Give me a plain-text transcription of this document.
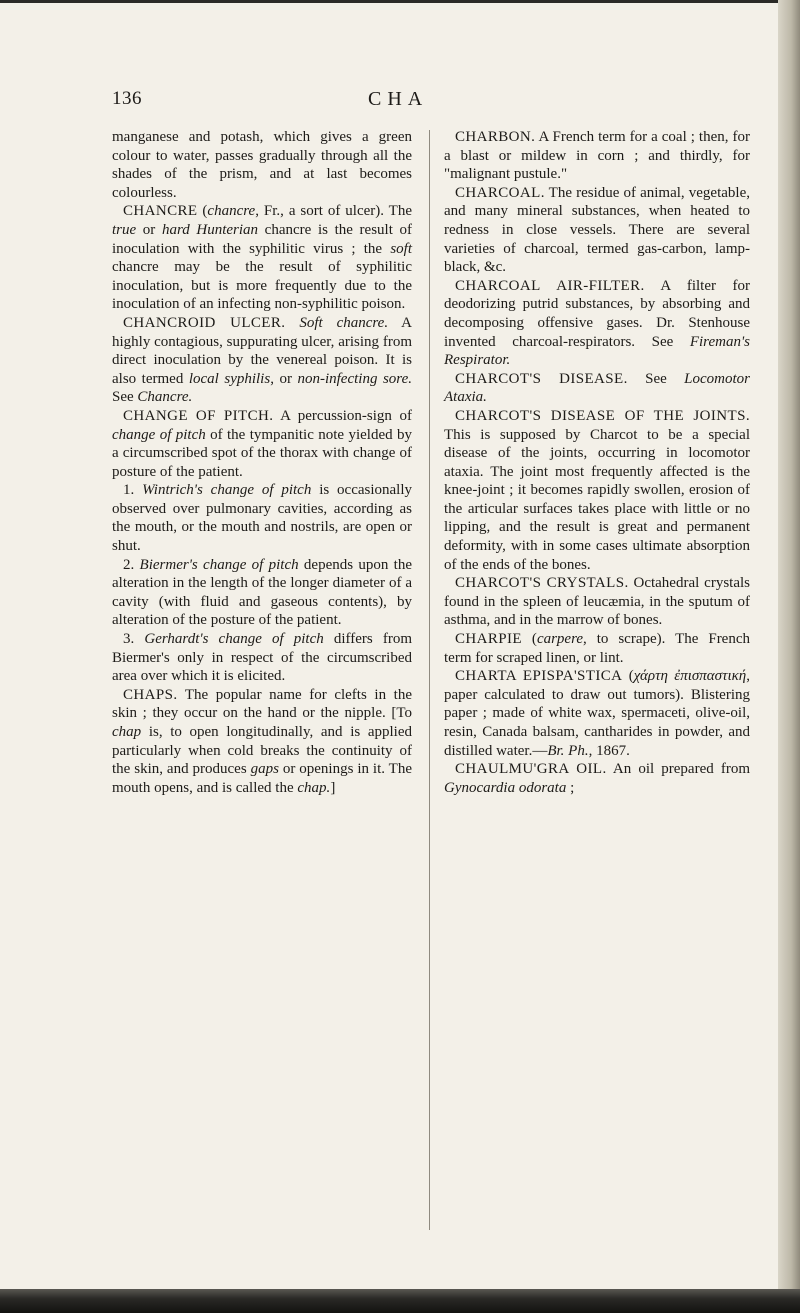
136	CHA

manganese and potash, which gives a green colour to water, passes gradually through all the shades of the prism, and at last becomes colourless.

CHANCRE (chancre, Fr., a sort of ulcer). The true or hard Hunterian chancre is the result of inoculation with the syphilitic virus ; the soft chancre may be the result of syphilitic inoculation, but is more frequently due to the inoculation of an infecting non-syphilitic poison.

CHANCROID ULCER. Soft chancre. A highly contagious, suppurating ulcer, arising from direct inoculation by the venereal poison. It is also termed local syphilis, or non-infecting sore. See Chancre.

CHANGE OF PITCH. A percussion-sign of change of pitch of the tympanitic note yielded by a circumscribed spot of the thorax with change of posture of the patient.

1. Wintrich's change of pitch is occasionally observed over pulmonary cavities, according as the mouth, or the mouth and nostrils, are open or shut.

2. Biermer's change of pitch depends upon the alteration in the length of the longer diameter of a cavity (with fluid and gaseous contents), by alteration of the posture of the patient.

3. Gerhardt's change of pitch differs from Biermer's only in respect of the circumscribed area over which it is elicited.

CHAPS. The popular name for clefts in the skin ; they occur on the hand or the nipple. [To chap is, to open longitudinally, and is applied particularly when cold breaks the continuity of the skin, and produces gaps or openings in it. The mouth opens, and is called the chap.]

CHARBON. A French term for a coal ; then, for a blast or mildew in corn ; and thirdly, for "malignant pustule."

CHARCOAL. The residue of animal, vegetable, and many mineral substances, when heated to redness in close vessels. There are several varieties of charcoal, termed gas-carbon, lamp-black, &c.

CHARCOAL AIR-FILTER. A filter for deodorizing putrid substances, by absorbing and decomposing offensive gases. Dr. Stenhouse invented charcoal-respirators. See Fireman's Respirator.

CHARCOT'S DISEASE. See Locomotor Ataxia.

CHARCOT'S DISEASE OF THE JOINTS. This is supposed by Charcot to be a special disease of the joints, occurring in locomotor ataxia. The joint most frequently affected is the knee-joint ; it becomes rapidly swollen, erosion of the articular surfaces takes place with little or no lipping, and the result is great and permanent deformity, with in some cases ultimate absorption of the ends of the bones.

CHARCOT'S CRYSTALS. Octahedral crystals found in the spleen of leucæmia, in the sputum of asthma, and in the marrow of bones.

CHARPIE (carpere, to scrape). The French term for scraped linen, or lint.

CHARTA EPISPA'STICA (χάρτη ἐπισπαστική, paper calculated to draw out tumors). Blistering paper ; made of white wax, spermaceti, olive-oil, resin, Canada balsam, cantharides in powder, and distilled water.—Br. Ph., 1867.

CHAULMU'GRA OIL. An oil prepared from Gynocardia odorata ;
